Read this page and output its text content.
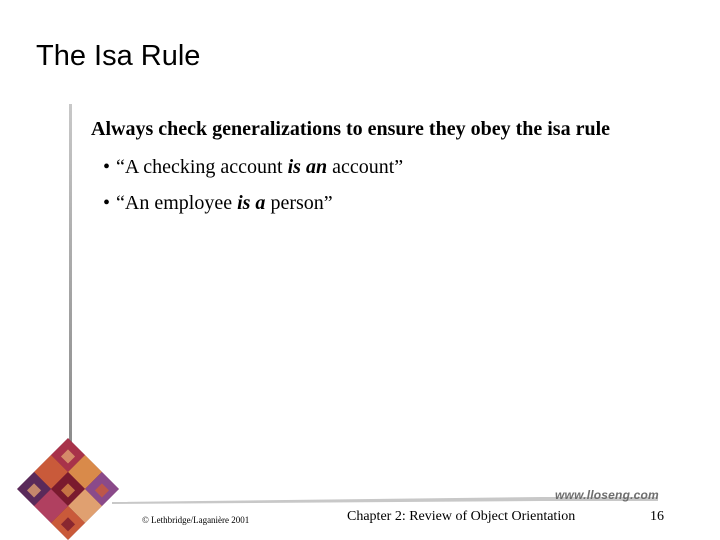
The Isa Rule

Always check generalizations to ensure they obey the isa rule

• “A checking account is an account”
• “An employee is a person”
www.lloseng.com
© Lethbridge/Laganière 2001	Chapter 2: Review of Object Orientation	16
